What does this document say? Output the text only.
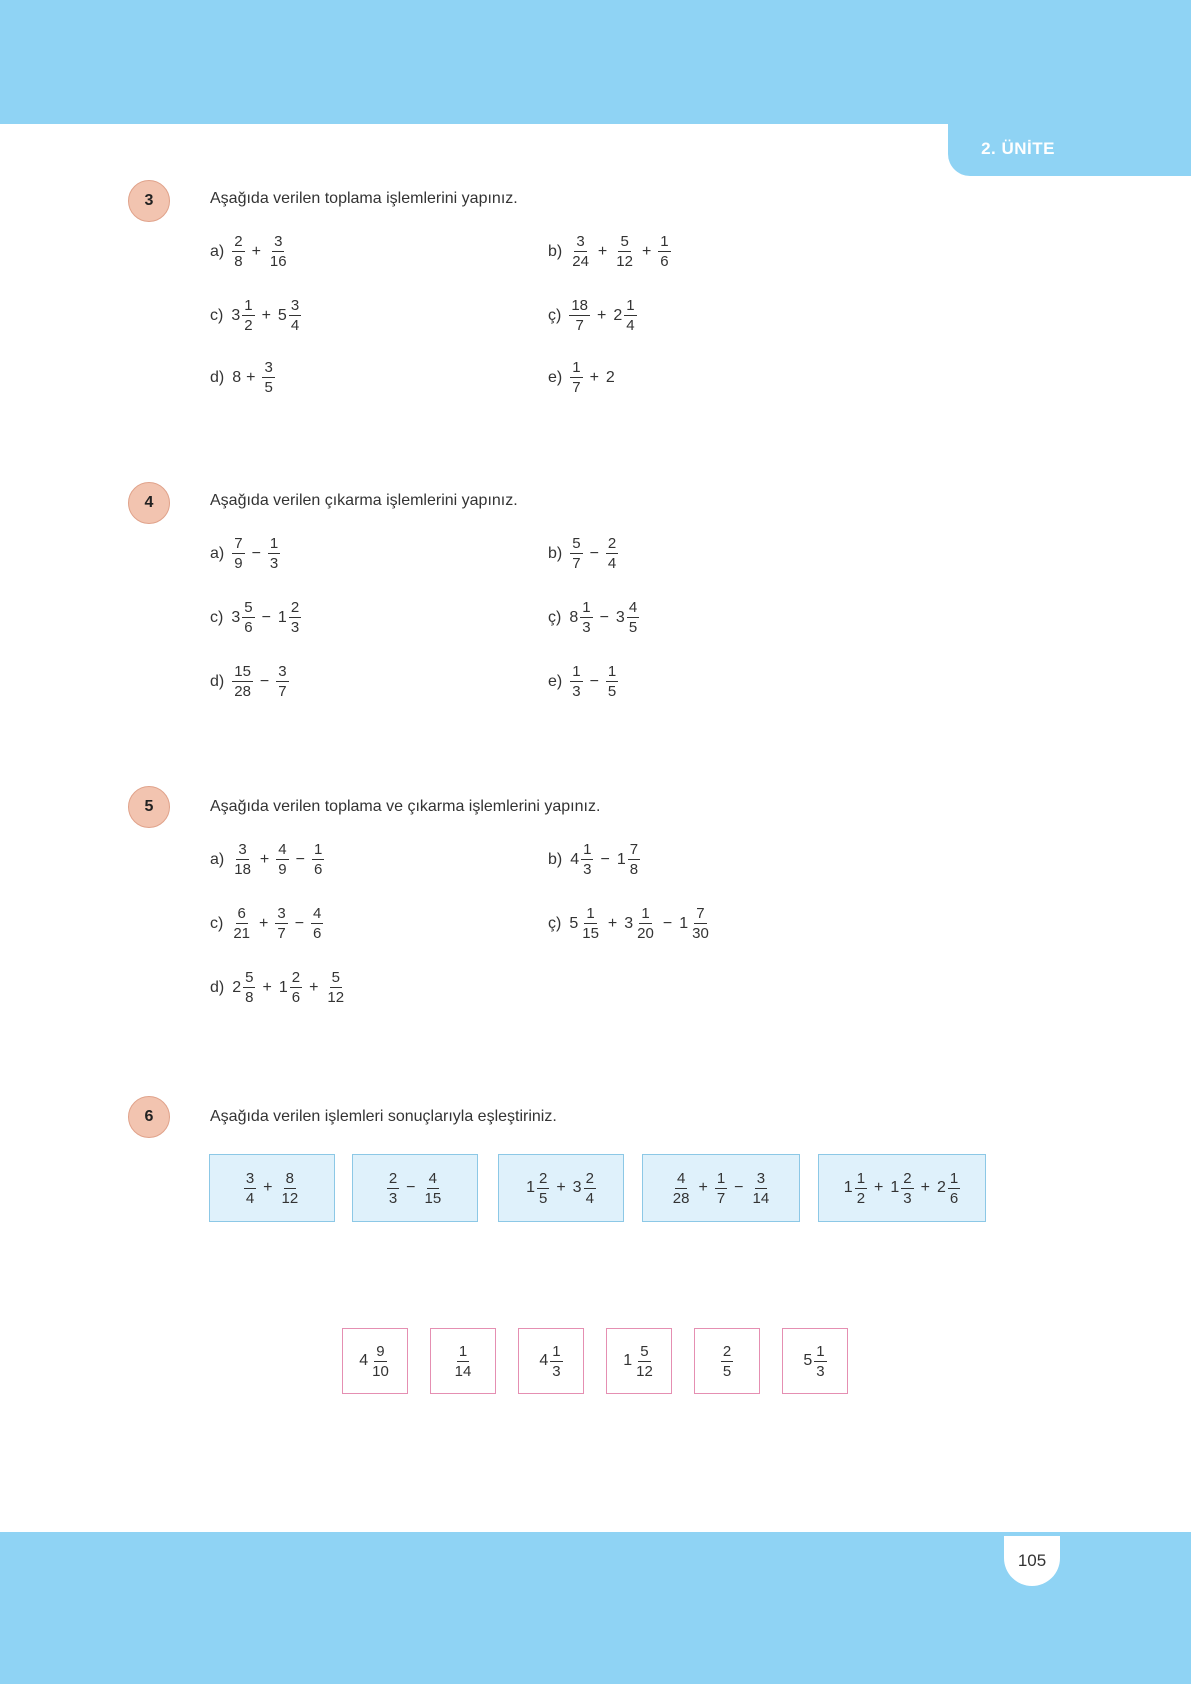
2. ÜNİTE
3	Aşağıda verilen toplama işlemlerini yapınız.
$a) \frac{2}{8} + \frac{3}{16}$	$b) \frac{3}{24} + \frac{5}{12} + \frac{1}{6}$
c) $3 \frac{1}{2} + 5 \frac{3}{4}$	ç) $\frac{18}{7} + 2 \frac{1}{4}$
d) $8 + \frac{3}{5}$	$e) \frac{1}{7} + 2$
4	Aşağıda verilen çıkarma işlemlerini yapınız.
$a) \frac{7}{9} - \frac{1}{3}$	$b) \frac{5}{7} - \frac{2}{4}$
c) $3 \frac{5}{6} - 1 \frac{2}{3}$	ç) $8 \frac{1}{3} - 3 \frac{4}{5}$
$d) \frac{15}{28} - \frac{3}{7}$	$e) \frac{1}{3} - \frac{1}{5}$
5	Aşağıda verilen toplama ve çıkarma işlemlerini yapınız.
$a) \frac{3}{18} + \frac{4}{9} - \frac{1}{6}$	b) $4 \frac{1}{3} - 1 \frac{7}{8}$
$c) \frac{6}{21} + \frac{3}{7} - \frac{4}{6}$	ç) $5 \frac{1}{15} + 3 \frac{1}{20} - 1 \frac{7}{30}$
d) $2 \frac{5}{8} + 1 \frac{2}{6} + \frac{5}{12}$
6	Aşağıda verilen işlemleri sonuçlarıyla eşleştiriniz.
$\frac{3}{4} + \frac{8}{12}$	$\frac{2}{3} - \frac{4}{15}$	$1 \frac{2}{5} + 3 \frac{2}{4}$	$\frac{4}{28} + \frac{1}{7} - \frac{3}{14}$	$1 \frac{1}{2} + 1 \frac{2}{3} + 2 \frac{1}{6}$
$4 \frac{9}{10}$	$\frac{1}{14}$	$4 \frac{1}{3}$	$1 \frac{5}{12}$	$\frac{2}{5}$	$5 \frac{1}{3}$
105
